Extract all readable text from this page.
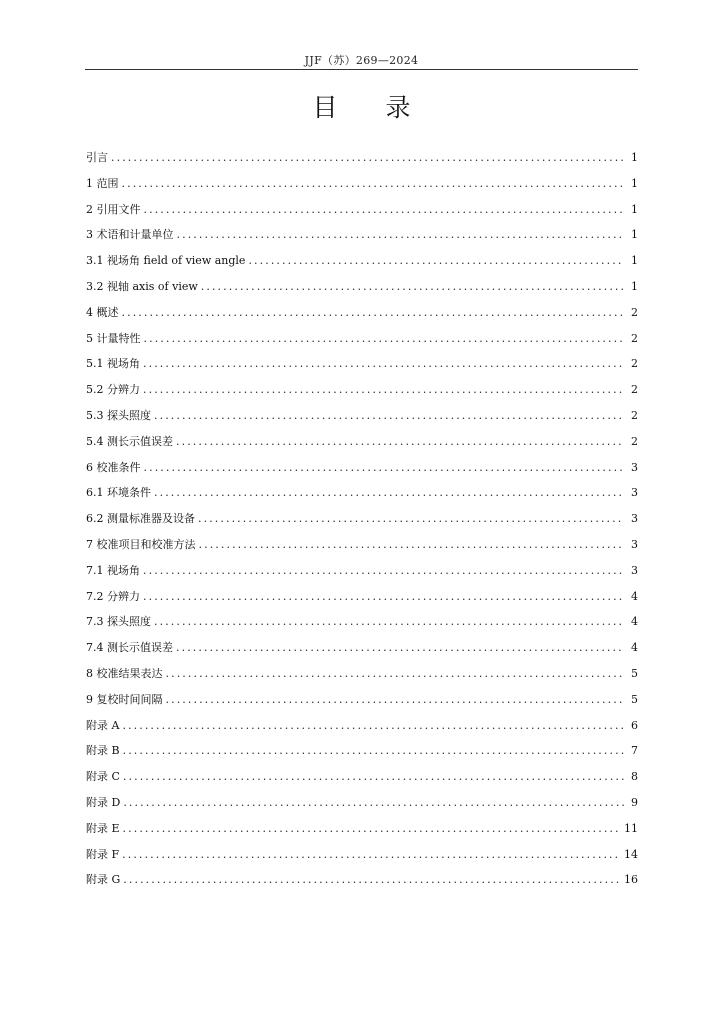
JJF（苏）269—2024
目 录
引言 .....	1
1 范围 .....	1
2 引用文件 .....	1
3 术语和计量单位 .....	1
3.1 视场角 field of view angle .....	1
3.2 视轴 axis of view .....	1
4 概述 .....	2
5 计量特性 .....	2
5.1 视场角 .....	2
5.2 分辨力 .....	2
5.3 探头照度 .....	2
5.4 测长示值误差 .....	2
6 校准条件 .....	3
6.1 环境条件 .....	3
6.2 测量标准器及设备 .....	3
7 校准项目和校准方法 .....	3
7.1 视场角 .....	3
7.2 分辨力 .....	4
7.3 探头照度 .....	4
7.4 测长示值误差 .....	4
8 校准结果表达 .....	5
9 复校时间间隔 .....	5
附录 A .....	6
附录 B .....	7
附录 C .....	8
附录 D .....	9
附录 E .....	11
附录 F .....	14
附录 G .....	16
